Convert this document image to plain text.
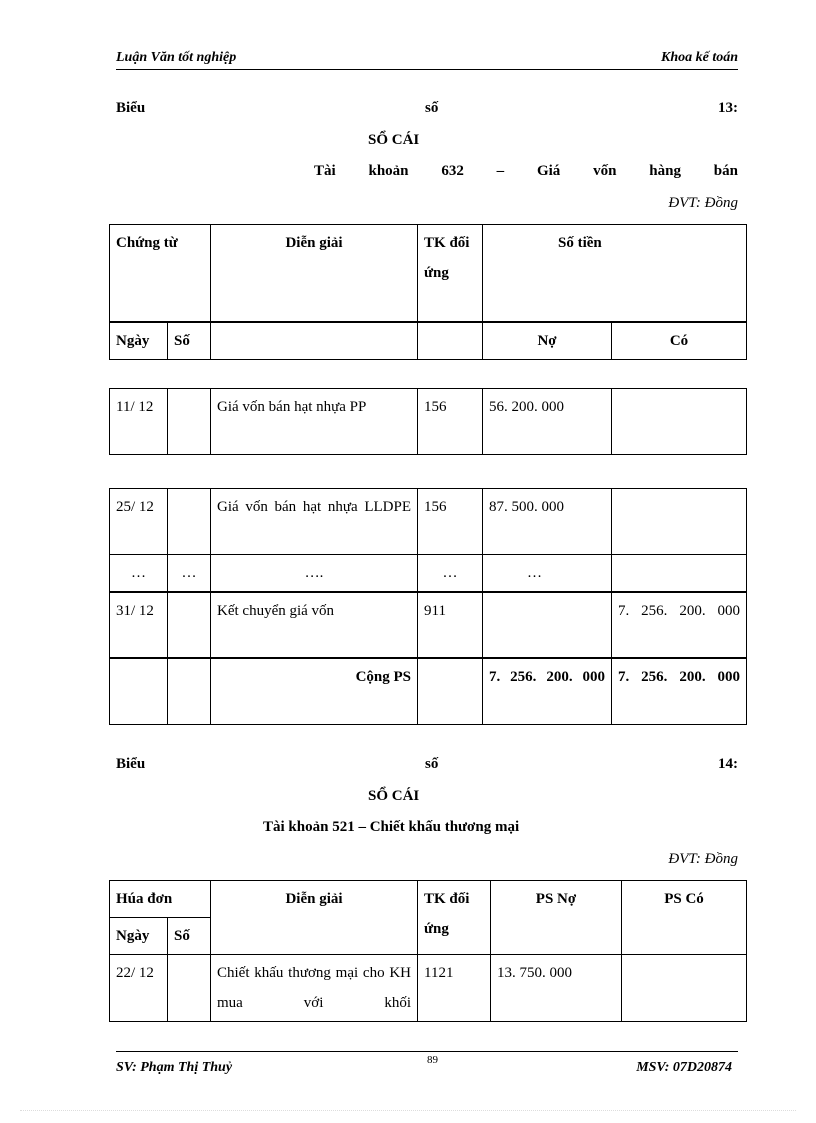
Luận Văn tốt nghiệp	Khoa kế toán
Biểu	số	13:
SỔ CÁI
Tài khoản 632 – Giá vốn hàng bán
ĐVT: Đồng
Chứng từ		Diễn giải	TK đối ứng	Số tiền	
Ngày	Số			Nợ	Có
11/ 12		Giá vốn bán hạt nhựa PP	156	56. 200. 000	
25/ 12		Giá vốn bán hạt nhựa LLDPE	156	87. 500. 000	
…	…	….	…	…	
31/ 12		Kết chuyển giá vốn	911		7. 256. 200. 000
		Cộng PS		7. 256. 200. 000	7. 256. 200. 000
Biểu	số	14:
SỔ CÁI
Tài khoản 521 – Chiết khấu thương mại
ĐVT: Đồng
Húa đơn		Diễn giải	TK đối ứng	PS Nợ	PS Có
Ngày	Số				
22/ 12		Chiết khấu thương mại cho KH mua với khối	1121	13. 750. 000	
SV: Phạm Thị Thuỷ	89	MSV: 07D20874
